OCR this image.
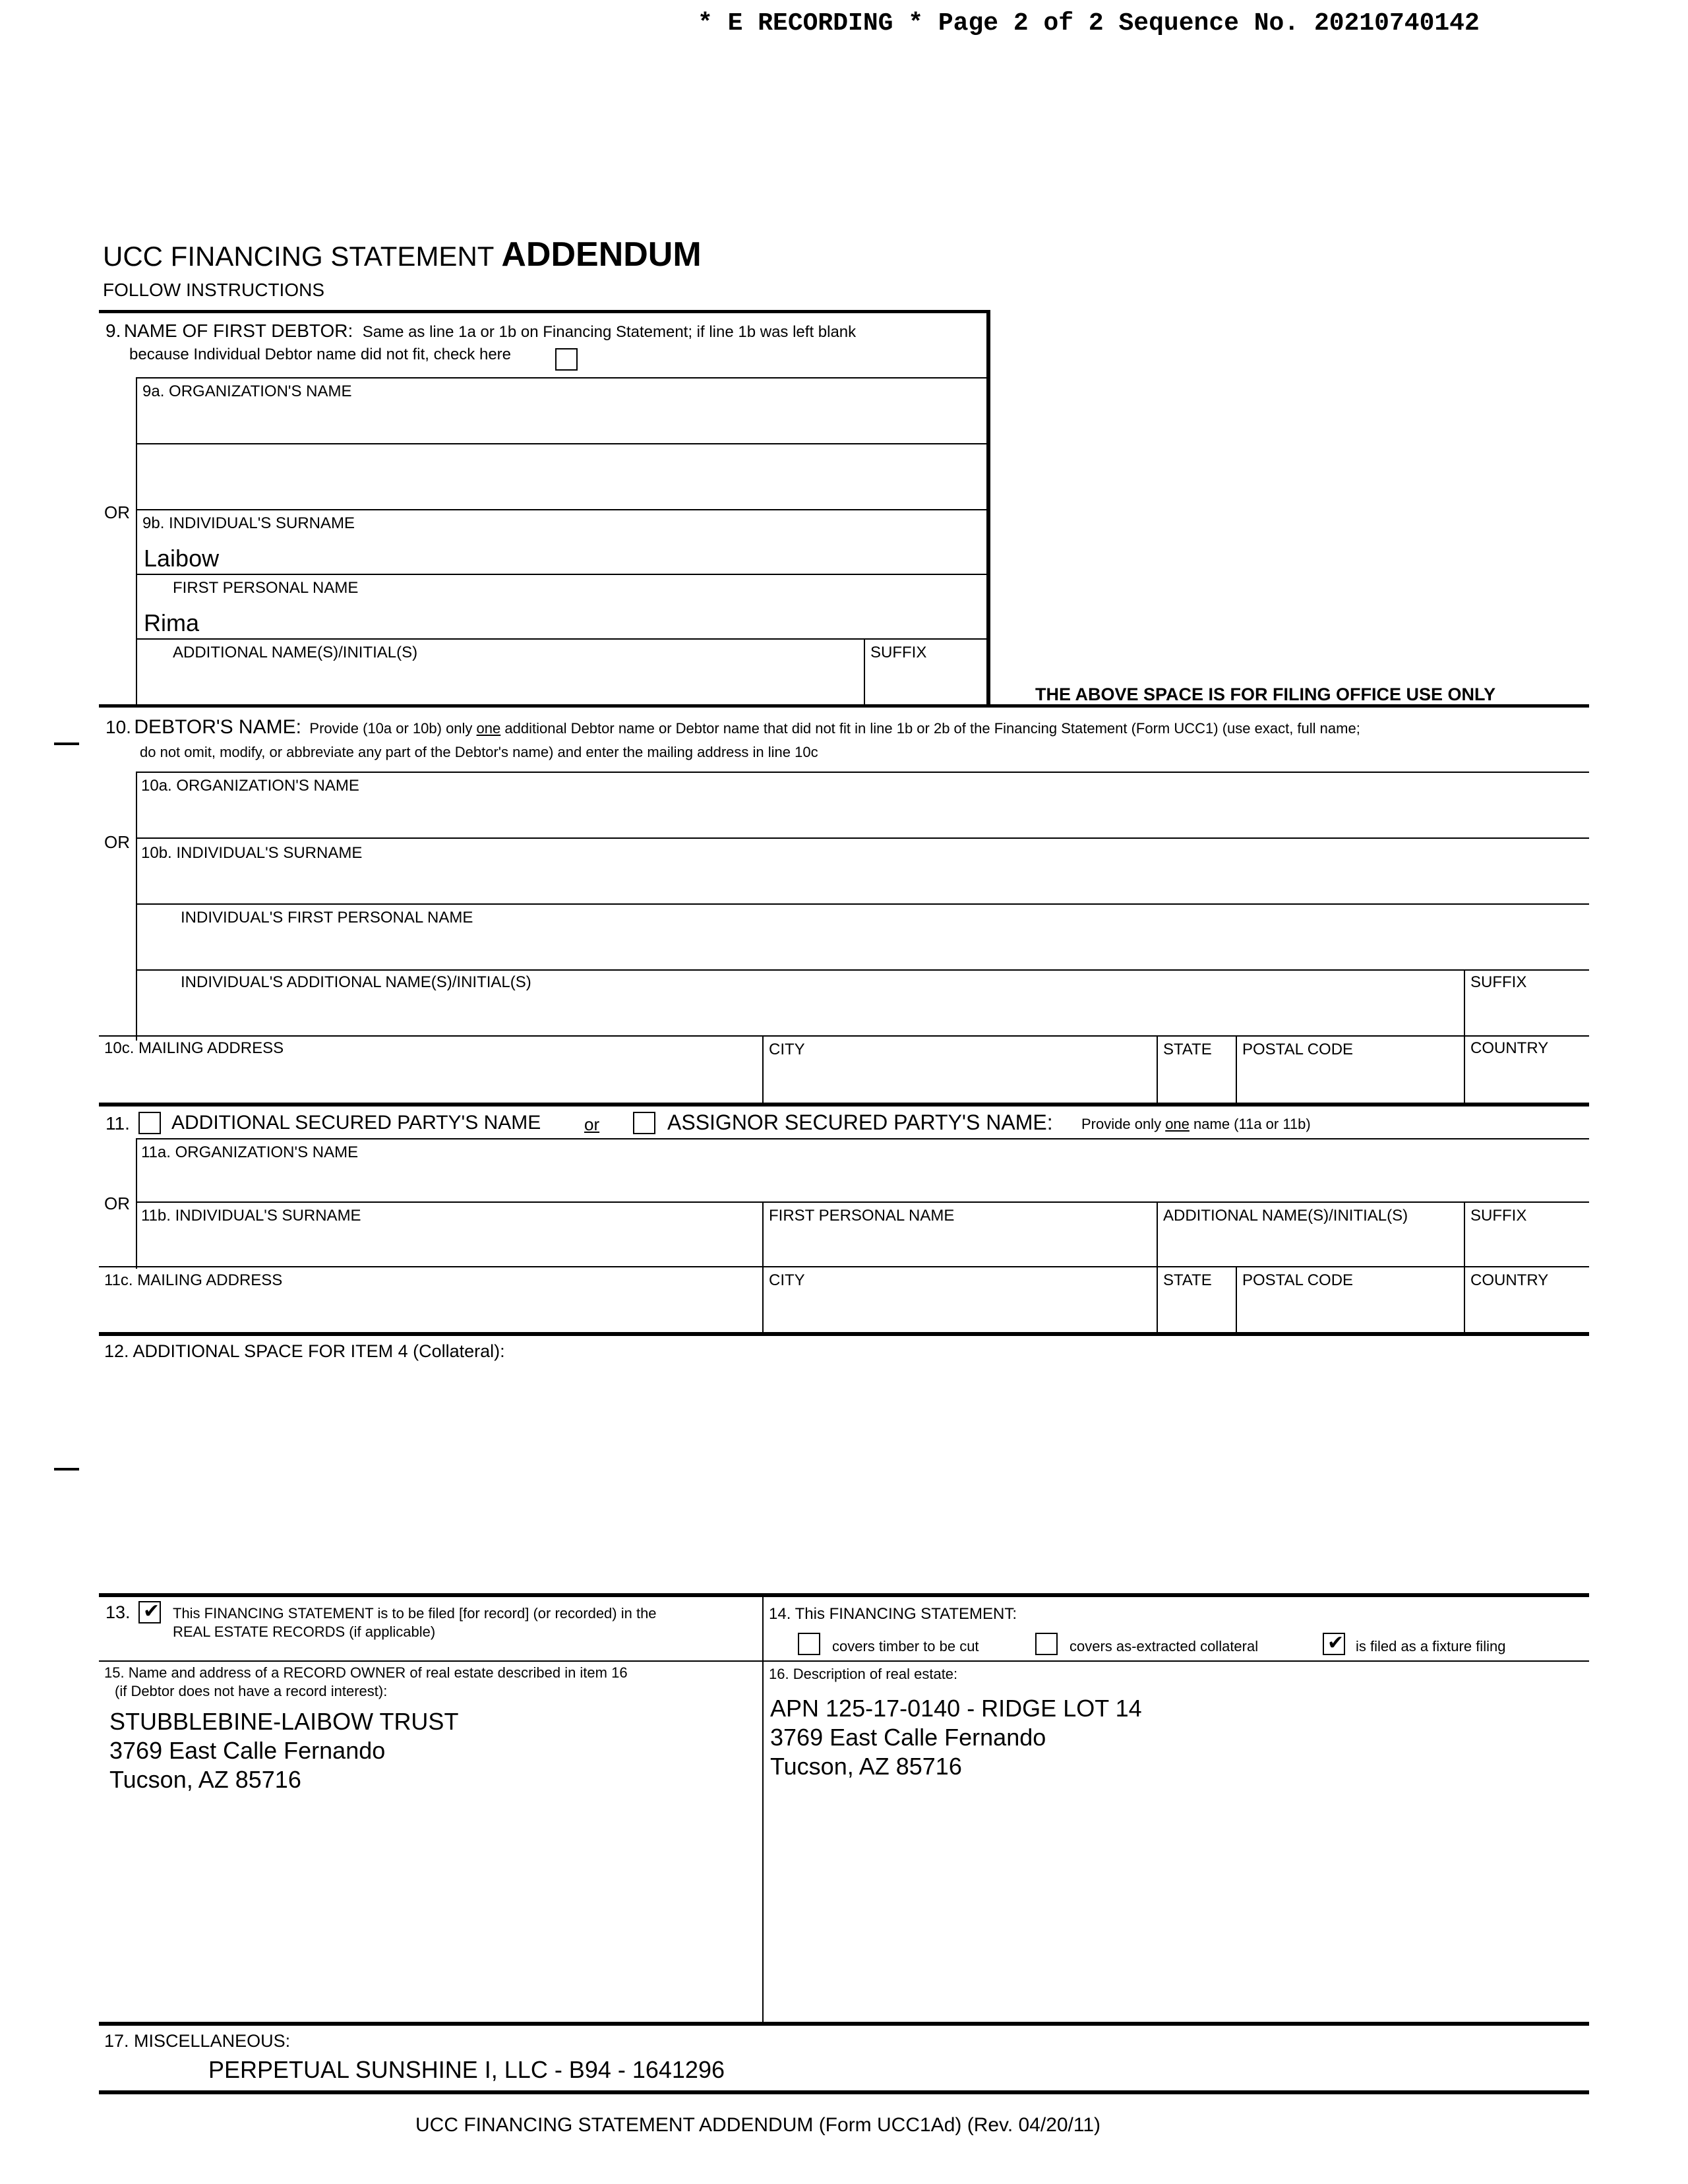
* E RECORDING * Page 2 of 2 Sequence No. 20210740142
UCC FINANCING STATEMENT ADDENDUM
FOLLOW INSTRUCTIONS
9. NAME OF FIRST DEBTOR: Same as line 1a or 1b on Financing Statement; if line 1b was left blank
because Individual Debtor name did not fit, check here
9a. ORGANIZATION'S NAME
OR
9b. INDIVIDUAL'S SURNAME
Laibow
FIRST PERSONAL NAME
Rima
ADDITIONAL NAME(S)/INITIAL(S)	SUFFIX
THE ABOVE SPACE IS FOR FILING OFFICE USE ONLY
10. DEBTOR'S NAME: Provide (10a or 10b) only one additional Debtor name or Debtor name that did not fit in line 1b or 2b of the Financing Statement (Form UCC1) (use exact, full name;
do not omit, modify, or abbreviate any part of the Debtor's name) and enter the mailing address in line 10c
10a. ORGANIZATION'S NAME
OR
10b. INDIVIDUAL'S SURNAME
INDIVIDUAL'S FIRST PERSONAL NAME
INDIVIDUAL'S ADDITIONAL NAME(S)/INITIAL(S)	SUFFIX
10c. MAILING ADDRESS	CITY	STATE POSTAL CODE	COUNTRY
11. ADDITIONAL SECURED PARTY'S NAME	or	ASSIGNOR SECURED PARTY'S NAME: Provide only one name (11a or 11b)
11a. ORGANIZATION'S NAME
OR
11b. INDIVIDUAL'S SURNAME	FIRST PERSONAL NAME	ADDITIONAL NAME(S)/INITIAL(S)	SUFFIX
11c. MAILING ADDRESS	CITY	STATE POSTAL CODE	COUNTRY
12. ADDITIONAL SPACE FOR ITEM 4 (Collateral):
13. ✔	This FINANCING STATEMENT is to be filed [for record] (or recorded) in the
REAL ESTATE RECORDS (if applicable)
14. This FINANCING STATEMENT:
covers timber to be cut	covers as-extracted collateral ✔	is filed as a fixture filing
15. Name and address of a RECORD OWNER of real estate described in item 16
(if Debtor does not have a record interest):
STUBBLEBINE-LAIBOW TRUST
3769 East Calle Fernando
Tucson, AZ 85716
16. Description of real estate:
APN 125-17-0140 - RIDGE LOT 14
3769 East Calle Fernando
Tucson, AZ 85716
17. MISCELLANEOUS:
PERPETUAL SUNSHINE I, LLC - B94 - 1641296
UCC FINANCING STATEMENT ADDENDUM (Form UCC1Ad) (Rev. 04/20/11)
